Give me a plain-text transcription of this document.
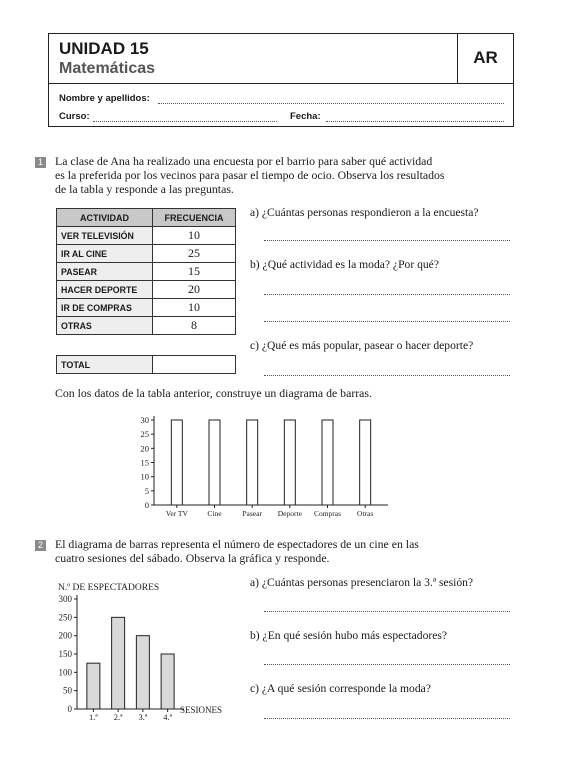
UNIDAD 15
Matemáticas
AR
Nombre y apellidos:
Curso:	Fecha:
1 La clase de Ana ha realizado una encuesta por el barrio para saber qué actividad
es la preferida por los vecinos para pasar el tiempo de ocio. Observa los resultados
de la tabla y responde a las preguntas.
ACTIVIDAD	FRECUENCIA
VER TELEVISIÓN	10
IR AL CINE	25
PASEAR	15
HACER DEPORTE	20
IR DE COMPRAS	10
OTRAS	8
TOTAL	
a) ¿Cuántas personas respondieron a la encuesta?
b) ¿Qué actividad es la moda? ¿Por qué?
c) ¿Qué es más popular, pasear o hacer deporte?
Con los datos de la tabla anterior, construye un diagrama de barras.
0
5
10
15
20
25
30
Ver TV	Cine	Pasear Deporte Compras Otras
2 El diagrama de barras representa el número de espectadores de un cine en las
cuatro sesiones del sábado. Observa la gráfica y responde.
0
50
100
150
200
250
300
1.ª 2.ª 3.ª 4.ª
N.º DE ESPECTADORES
SESIONES
a) ¿Cuántas personas presenciaron la 3.ª sesión?
b) ¿En qué sesión hubo más espectadores?
c) ¿A qué sesión corresponde la moda?
